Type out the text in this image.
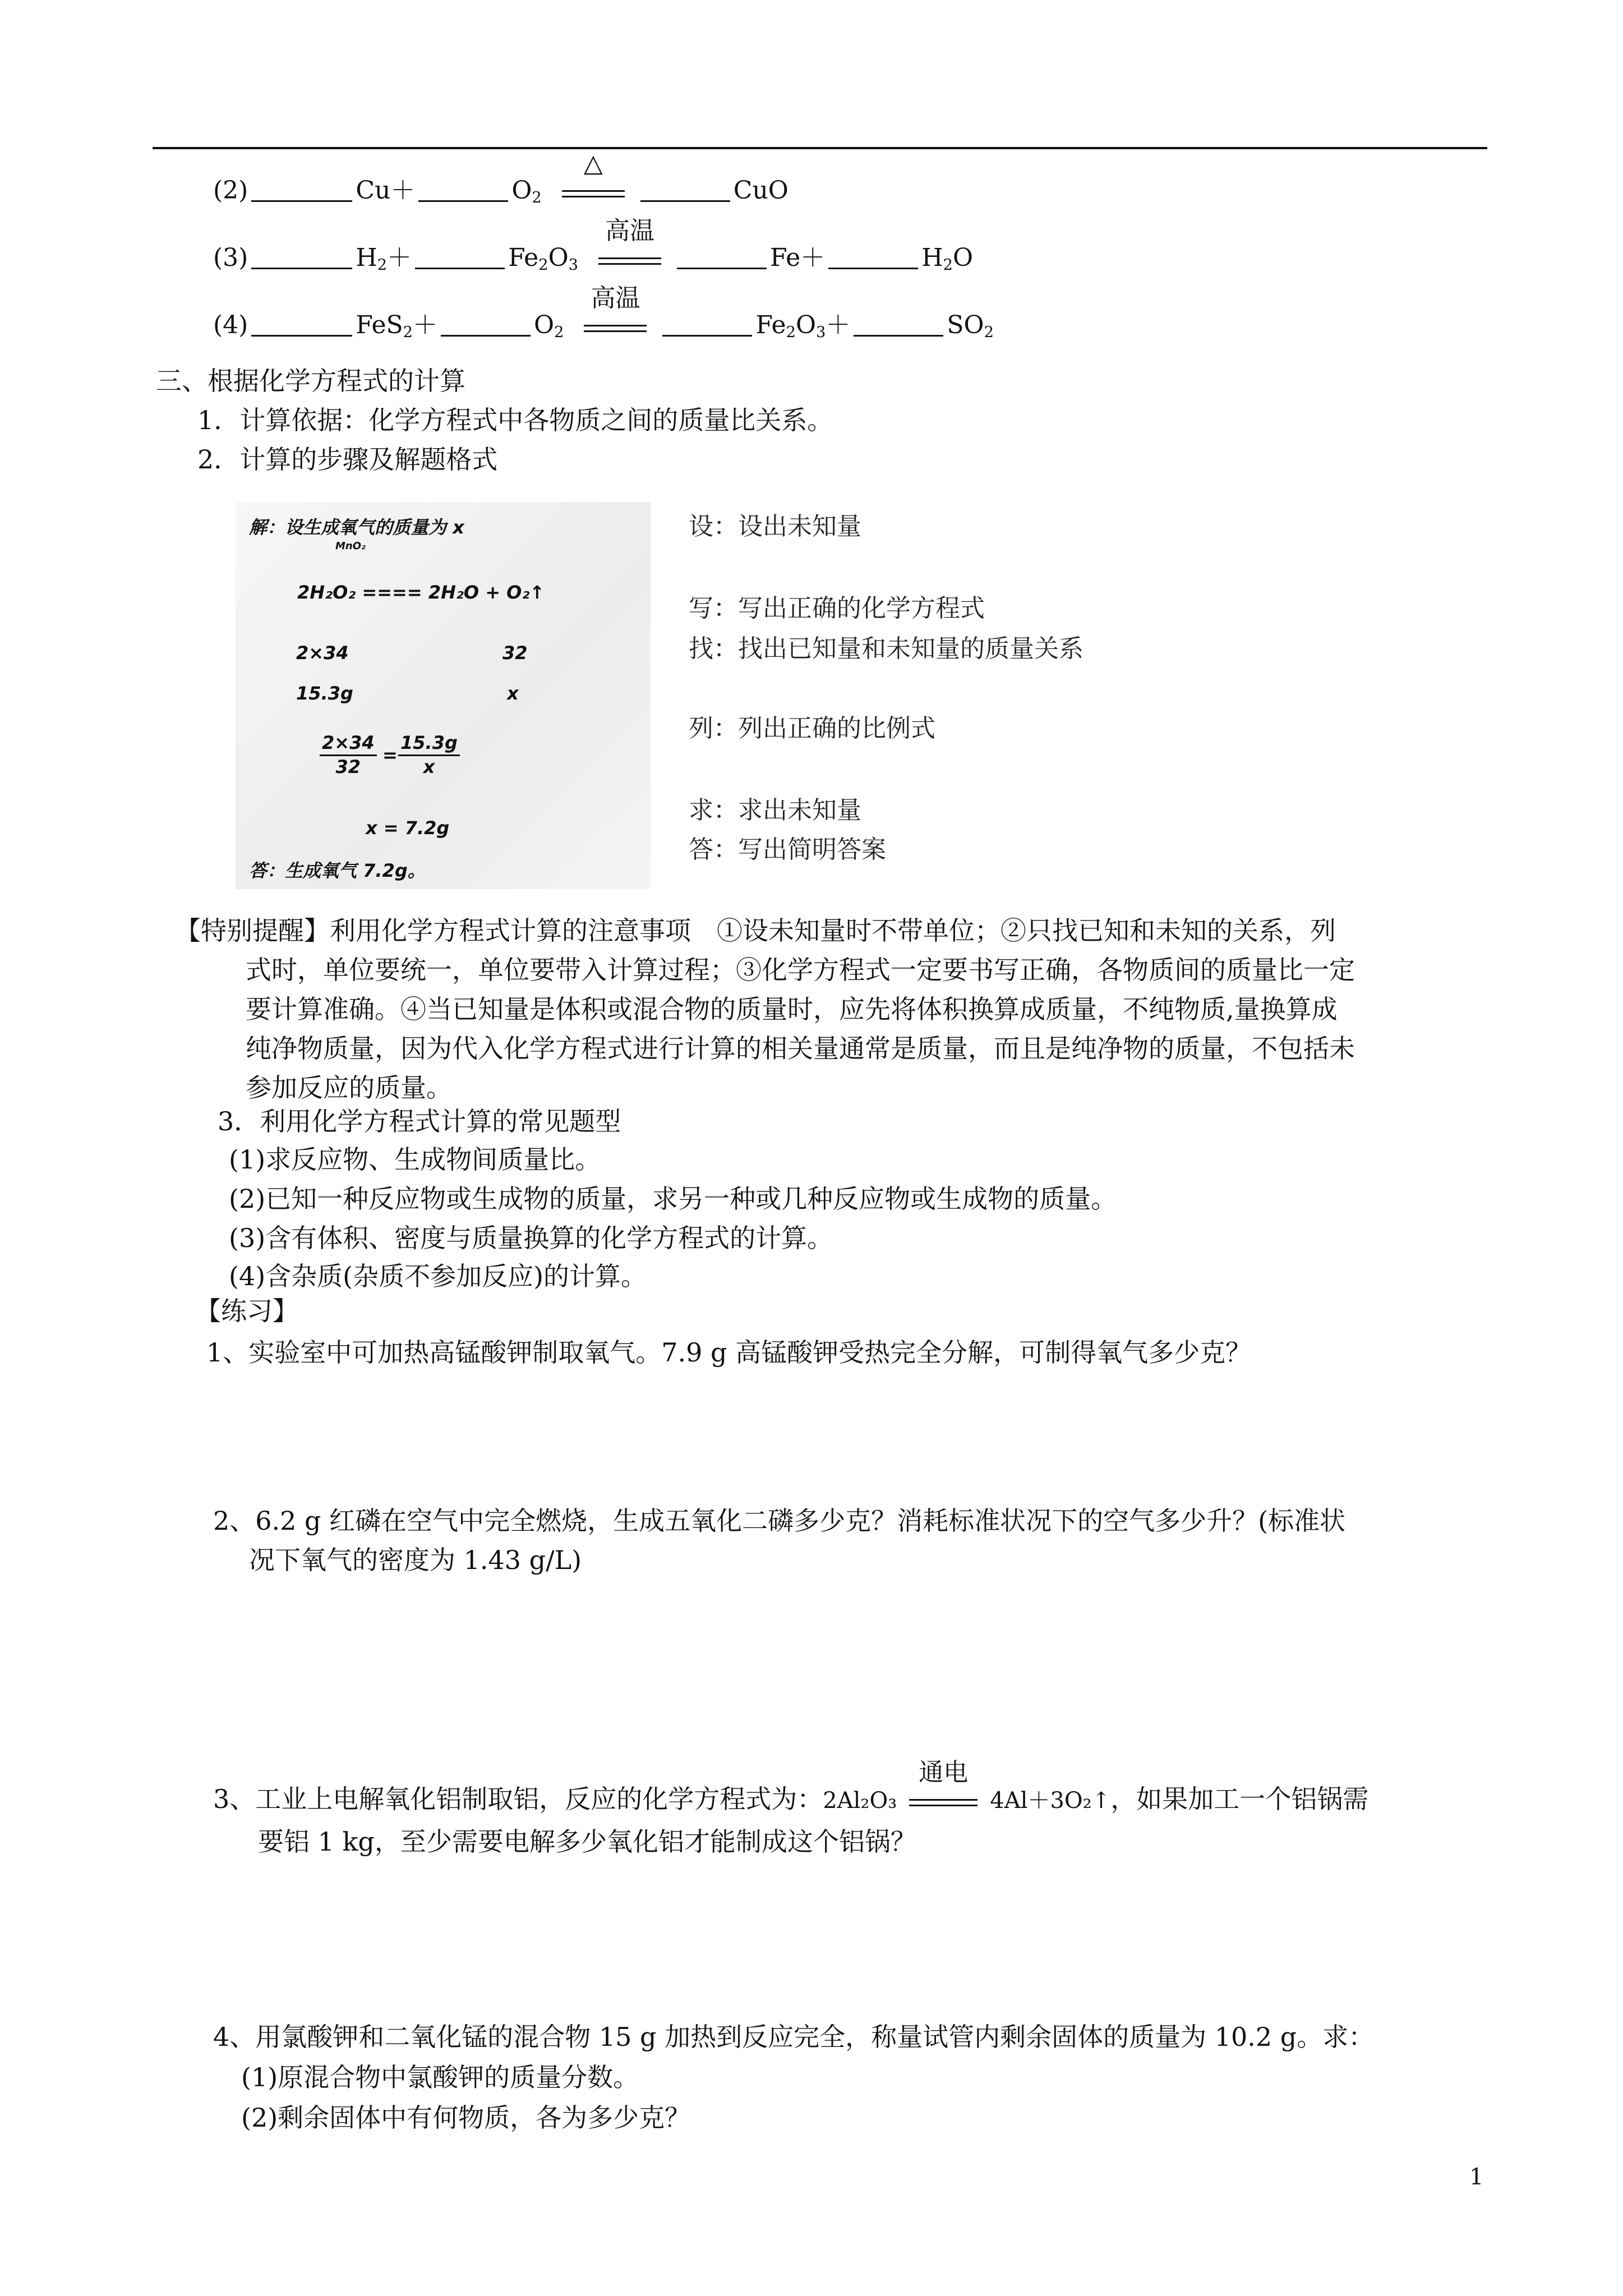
(2)	Cu＋	$O_2$
△
CuO
(3)	$H_2+$	$Fe_2O_3$
高温
Fe＋	$H_2O$
(4)	FeS$_2$＋	$O_2$
高温
$Fe_2O_3+$	$SO_2$
三、根据化学方程式的计算
1．计算依据：化学方程式中各物质之间的质量比关系。
2．计算的步骤及解题格式
解：设生成氧气的质量为 x
MnO₂
2H₂O₂ ==== 2H₂O + O₂↑
2×34	32
15.3g	x
$\frac{2\times 34}{32} = \frac{15.3g}{x}$
x = 7.2g
答：生成氧气 7.2g。
设：设出未知量
写：写出正确的化学方程式
找：找出已知量和未知量的质量关系
列：列出正确的比例式
求：求出未知量
答：写出简明答案
【特别提醒】利用化学方程式计算的注意事项　①设未知量时不带单位；②只找已知和未知的关系，列
式时，单位要统一，单位要带入计算过程；③化学方程式一定要书写正确，各物质间的质量比一定
要计算准确。④当已知量是体积或混合物的质量时，应先将体积换算成质量，不纯物质,量换算成
纯净物质量，因为代入化学方程式进行计算的相关量通常是质量，而且是纯净物的质量，不包括未
参加反应的质量。
3．利用化学方程式计算的常见题型
(1)求反应物、生成物间质量比。
(2)已知一种反应物或生成物的质量，求另一种或几种反应物或生成物的质量。
(3)含有体积、密度与质量换算的化学方程式的计算。
(4)含杂质(杂质不参加反应)的计算。
【练习】
1、实验室中可加热高锰酸钾制取氧气。7.9 g 高锰酸钾受热完全分解，可制得氧气多少克？
2、6.2 g 红磷在空气中完全燃烧，生成五氧化二磷多少克？消耗标准状况下的空气多少升？(标准状
况下氧气的密度为 1.43 g/L)
3、工业上电解氧化铝制取铝，反应的化学方程式为：2Al₂O₃
通电
4Al＋3O₂↑，如果加工一个铝锅需
要铝 1 kg，至少需要电解多少氧化铝才能制成这个铝锅？
4、用氯酸钾和二氧化锰的混合物 15 g 加热到反应完全，称量试管内剩余固体的质量为 10.2 g。求：
(1)原混合物中氯酸钾的质量分数。
(2)剩余固体中有何物质，各为多少克？
1
